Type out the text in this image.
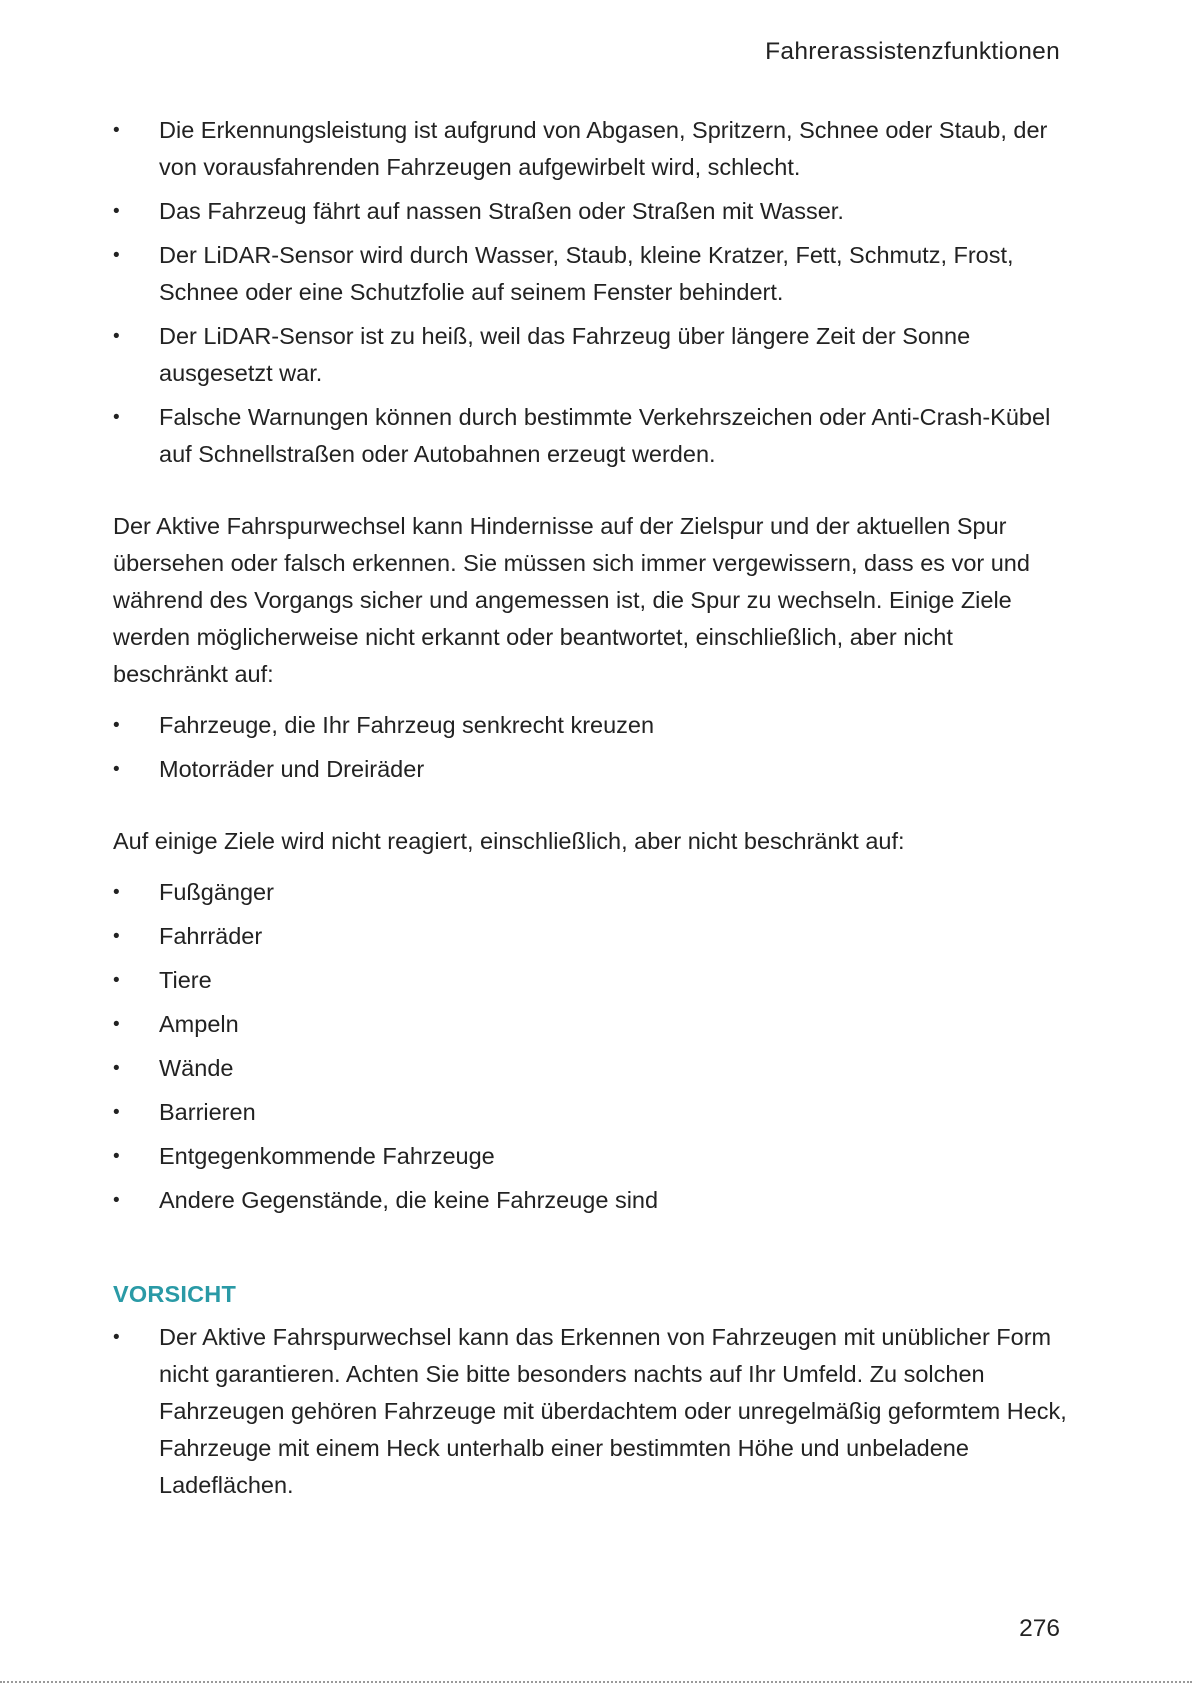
Fahrerassistenzfunktionen
•	Die Erkennungsleistung ist aufgrund von Abgasen, Spritzern, Schnee oder Staub, der von vorausfahrenden Fahrzeugen aufgewirbelt wird, schlecht.
•	Das Fahrzeug fährt auf nassen Straßen oder Straßen mit Wasser.
•	Der LiDAR-Sensor wird durch Wasser, Staub, kleine Kratzer, Fett, Schmutz, Frost, Schnee oder eine Schutzfolie auf seinem Fenster behindert.
•	Der LiDAR-Sensor ist zu heiß, weil das Fahrzeug über längere Zeit der Sonne ausgesetzt war.
•	Falsche Warnungen können durch bestimmte Verkehrszeichen oder Anti-Crash-Kübel auf Schnellstraßen oder Autobahnen erzeugt werden.

Der Aktive Fahrspurwechsel kann Hindernisse auf der Zielspur und der aktuellen Spur übersehen oder falsch erkennen. Sie müssen sich immer vergewissern, dass es vor und während des Vorgangs sicher und angemessen ist, die Spur zu wechseln. Einige Ziele werden möglicherweise nicht erkannt oder beantwortet, einschließlich, aber nicht beschränkt auf:

•	Fahrzeuge, die Ihr Fahrzeug senkrecht kreuzen
•	Motorräder und Dreiräder

Auf einige Ziele wird nicht reagiert, einschließlich, aber nicht beschränkt auf:

•	Fußgänger
•	Fahrräder
•	Tiere
•	Ampeln
•	Wände
•	Barrieren
•	Entgegenkommende Fahrzeuge
•	Andere Gegenstände, die keine Fahrzeuge sind
VORSICHT
•	Der Aktive Fahrspurwechsel kann das Erkennen von Fahrzeugen mit unüblicher Form nicht garantieren. Achten Sie bitte besonders nachts auf Ihr Umfeld. Zu solchen Fahrzeugen gehören Fahrzeuge mit überdachtem oder unregelmäßig geformtem Heck, Fahrzeuge mit einem Heck unterhalb einer bestimmten Höhe und unbeladene Ladeflächen.
276
